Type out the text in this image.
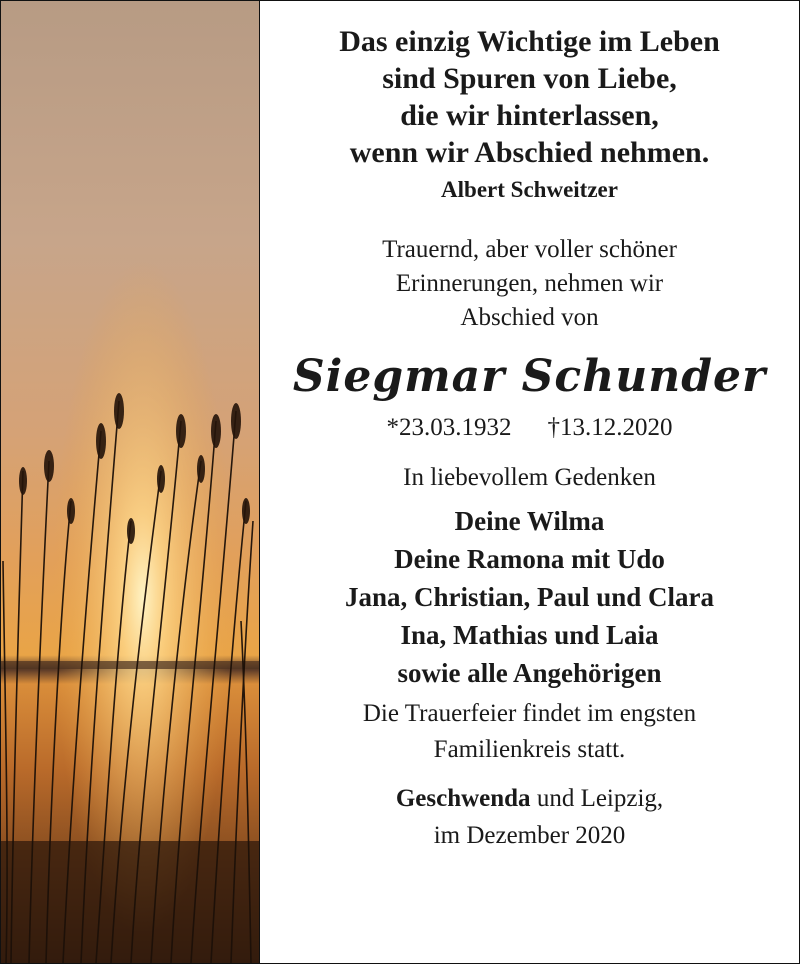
Das einzig Wichtige im Leben
sind Spuren von Liebe,
die wir hinterlassen,
wenn wir Abschied nehmen.
Albert Schweitzer
Trauernd, aber voller schöner
Erinnerungen, nehmen wir
Abschied von
Siegmar Schunder
*23.03.1932 †13.12.2020
In liebevollem Gedenken
Deine Wilma
Deine Ramona mit Udo
Jana, Christian, Paul und Clara
Ina, Mathias und Laia
sowie alle Angehörigen
Die Trauerfeier findet im engsten
Familienkreis statt.
Geschwenda und Leipzig,
im Dezember 2020
